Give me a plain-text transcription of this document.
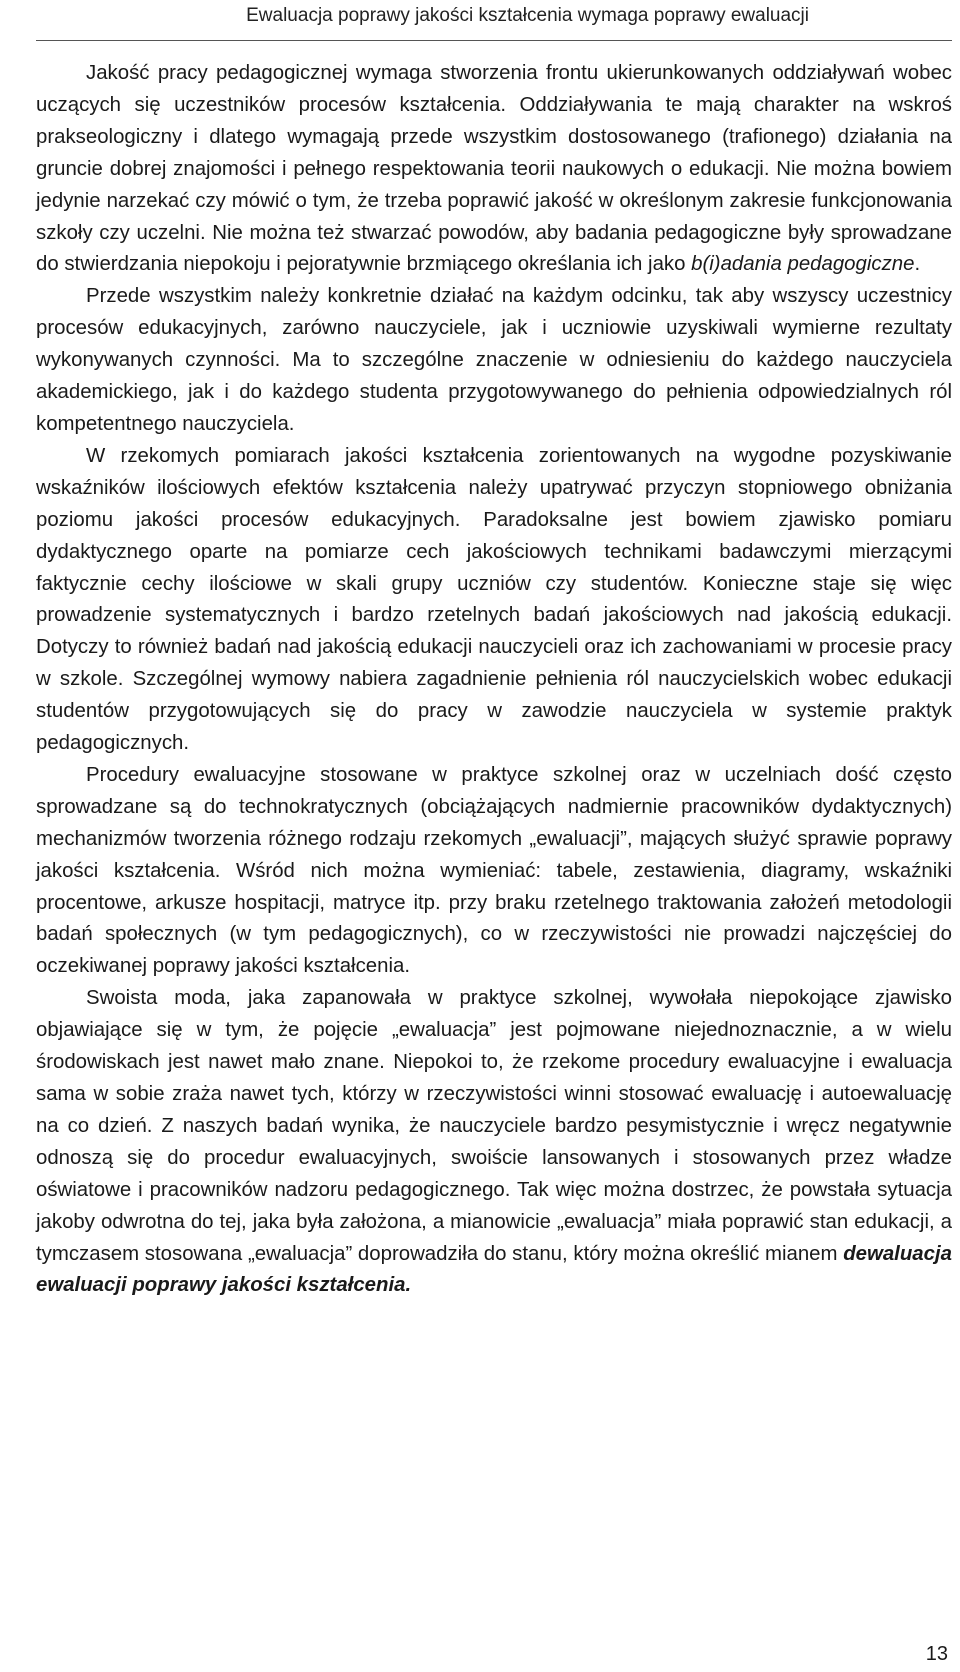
Ewaluacja poprawy jakości kształcenia wymaga poprawy ewaluacji

Jakość pracy pedagogicznej wymaga stworzenia frontu ukierunkowanych oddziaływań wobec uczących się uczestników procesów kształcenia. Oddziaływania te mają charakter na wskroś prakseologiczny i dlatego wymagają przede wszystkim dostosowanego (trafionego) działania na gruncie dobrej znajomości i pełnego respektowania teorii naukowych o edukacji. Nie można bowiem jedynie narzekać czy mówić o tym, że trzeba poprawić jakość w określonym zakresie funkcjonowania szkoły czy uczelni. Nie można też stwarzać powodów, aby badania pedagogiczne były sprowadzane do stwierdzania niepokoju i pejoratywnie brzmiącego określania ich jako b(i)adania pedagogiczne.

Przede wszystkim należy konkretnie działać na każdym odcinku, tak aby wszyscy uczestnicy procesów edukacyjnych, zarówno nauczyciele, jak i uczniowie uzyskiwali wymierne rezultaty wykonywanych czynności. Ma to szczególne znaczenie w odniesieniu do każdego nauczyciela akademickiego, jak i do każdego studenta przygotowywanego do pełnienia odpowiedzialnych ról kompetentnego nauczyciela.

W rzekomych pomiarach jakości kształcenia zorientowanych na wygodne pozyskiwanie wskaźników ilościowych efektów kształcenia należy upatrywać przyczyn stopniowego obniżania poziomu jakości procesów edukacyjnych. Paradoksalne jest bowiem zjawisko pomiaru dydaktycznego oparte na pomiarze cech jakościowych technikami badawczymi mierzącymi faktycznie cechy ilościowe w skali grupy uczniów czy studentów. Konieczne staje się więc prowadzenie systematycznych i bardzo rzetelnych badań jakościowych nad jakością edukacji. Dotyczy to również badań nad jakością edukacji nauczycieli oraz ich zachowaniami w procesie pracy w szkole. Szczególnej wymowy nabiera zagadnienie pełnienia ról nauczycielskich wobec edukacji studentów przygotowujących się do pracy w zawodzie nauczyciela w systemie praktyk pedagogicznych.

Procedury ewaluacyjne stosowane w praktyce szkolnej oraz w uczelniach dość często sprowadzane są do technokratycznych (obciążających nadmiernie pracowników dydaktycznych) mechanizmów tworzenia różnego rodzaju rzekomych „ewaluacji”, mających służyć sprawie poprawy jakości kształcenia. Wśród nich można wymieniać: tabele, zestawienia, diagramy, wskaźniki procentowe, arkusze hospitacji, matryce itp. przy braku rzetelnego traktowania założeń metodologii badań społecznych (w tym pedagogicznych), co w rzeczywistości nie prowadzi najczęściej do oczekiwanej poprawy jakości kształcenia.

Swoista moda, jaka zapanowała w praktyce szkolnej, wywołała niepokojące zjawisko objawiające się w tym, że pojęcie „ewaluacja” jest pojmowane niejednoznacznie, a w wielu środowiskach jest nawet mało znane. Niepokoi to, że rzekome procedury ewaluacyjne i ewaluacja sama w sobie zraża nawet tych, którzy w rzeczywistości winni stosować ewaluację i autoewaluację na co dzień. Z naszych badań wynika, że nauczyciele bardzo pesymistycznie i wręcz negatywnie odnoszą się do procedur ewaluacyjnych, swoiście lansowanych i stosowanych przez władze oświatowe i pracowników nadzoru pedagogicznego. Tak więc można dostrzec, że powstała sytuacja jakoby odwrotna do tej, jaka była założona, a mianowicie „ewaluacja” miała poprawić stan edukacji, a tymczasem stosowana „ewaluacja” doprowadziła do stanu, który można określić mianem dewaluacja ewaluacji poprawy jakości kształcenia.

13
